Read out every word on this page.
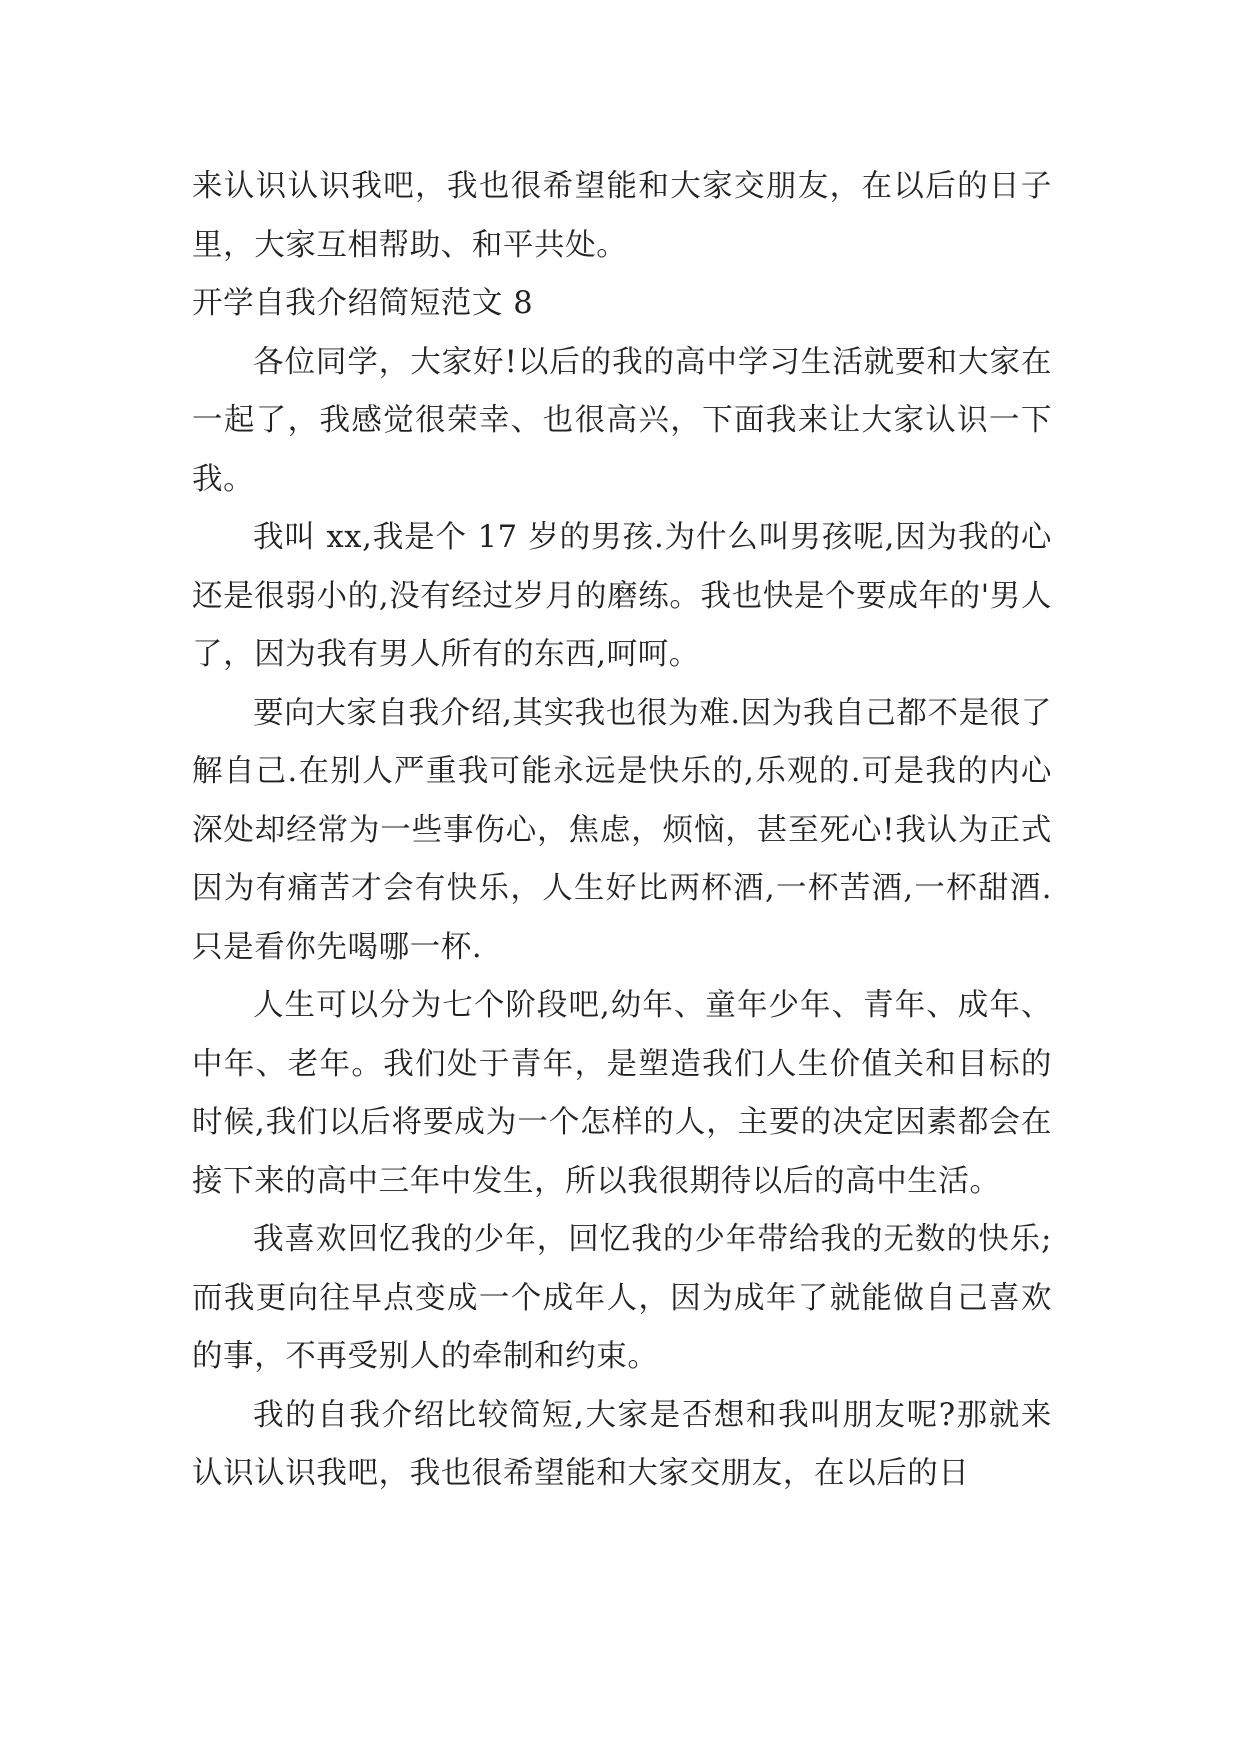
来认识认识我吧，我也很希望能和大家交朋友，在以后的日子里，大家互相帮助、和平共处。

开学自我介绍简短范文 8

各位同学，大家好!以后的我的高中学习生活就要和大家在一起了，我感觉很荣幸、也很高兴，下面我来让大家认识一下我。

我叫 xx,我是个 17 岁的男孩.为什么叫男孩呢,因为我的心还是很弱小的,没有经过岁月的磨练。我也快是个要成年的'男人了，因为我有男人所有的东西,呵呵。

要向大家自我介绍,其实我也很为难.因为我自己都不是很了解自己.在别人严重我可能永远是快乐的,乐观的.可是我的内心深处却经常为一些事伤心，焦虑，烦恼，甚至死心!我认为正式因为有痛苦才会有快乐，人生好比两杯酒,一杯苦酒,一杯甜酒.只是看你先喝哪一杯.

人生可以分为七个阶段吧,幼年、童年少年、青年、成年、中年、老年。我们处于青年，是塑造我们人生价值关和目标的时候,我们以后将要成为一个怎样的人，主要的决定因素都会在接下来的高中三年中发生，所以我很期待以后的高中生活。

我喜欢回忆我的少年，回忆我的少年带给我的无数的快乐;而我更向往早点变成一个成年人，因为成年了就能做自己喜欢的事，不再受别人的牵制和约束。

我的自我介绍比较简短,大家是否想和我叫朋友呢?那就来认识认识我吧，我也很希望能和大家交朋友，在以后的日
